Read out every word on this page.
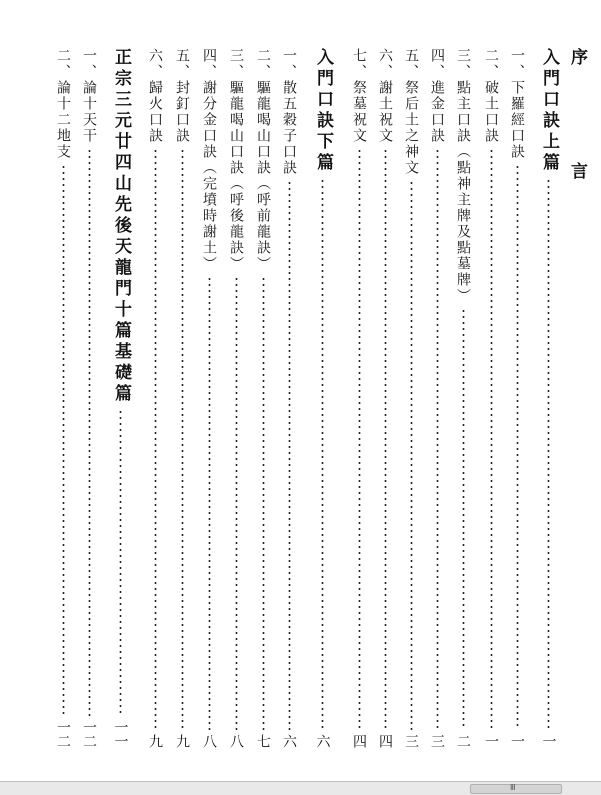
序　言
入門口訣上篇
一
一、下羅經口訣
一
二、破土口訣
一
三、點主口訣（點神主牌及點墓牌）
二
四、進金口訣
三
五、祭后土之神文
三
六、謝土祝文
四
七、祭墓祝文
四
入門口訣下篇
六
一、散五穀子口訣
六
二、驅龍喝山口訣（呼前龍訣）
七
三、驅龍喝山口訣（呼後龍訣）
八
四、謝分金口訣（完墳時謝土）
八
五、封釘口訣
九
六、歸火口訣
九
正宗三元廿四山先後天龍門十篇基礎篇
一一
一、論十天干
一二
二、論十二地支
一二
Ⅲ
